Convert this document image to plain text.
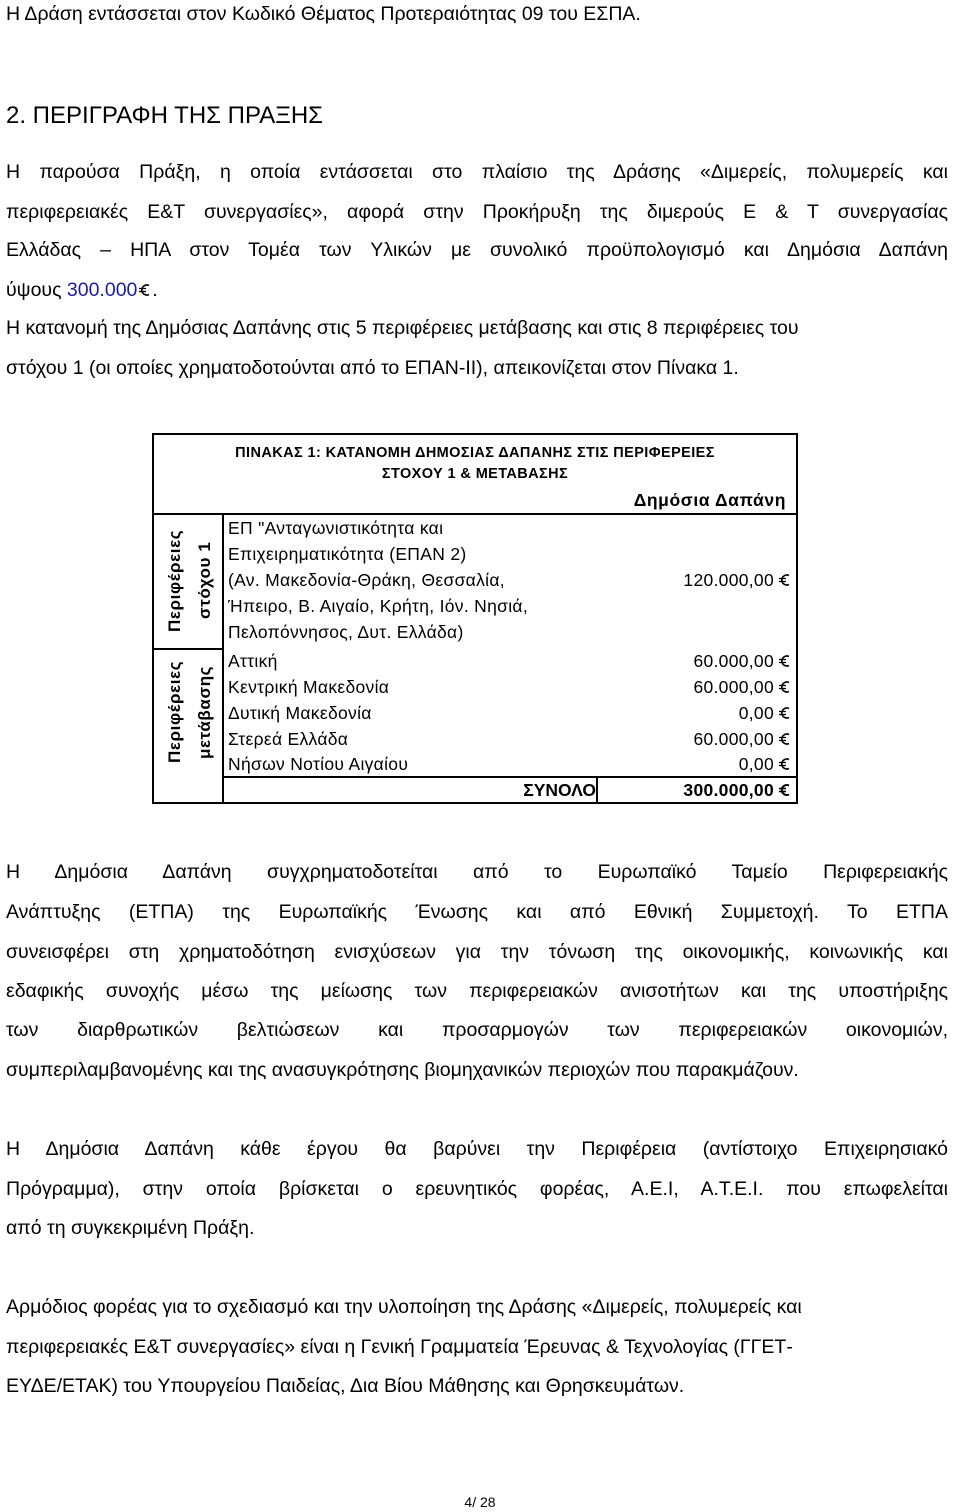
Η Δράση εντάσσεται στον Κωδικό Θέματος Προτεραιότητας 09 του ΕΣΠΑ.
2. ΠΕΡΙΓΡΑΦΗ ΤΗΣ ΠΡΑΞΗΣ
Η παρούσα Πράξη, η οποία εντάσσεται στο πλαίσιο της Δράσης «Διμερείς, πολυμερείς και
περιφερειακές Ε&Τ συνεργασίες», αφορά στην Προκήρυξη της διμερούς Ε & Τ συνεργασίας
Ελλάδας – ΗΠΑ στον Τομέα των Υλικών με συνολικό προϋπολογισμό και Δημόσια Δαπάνη
ύψους 300.000 .
Η κατανομή της Δημόσιας Δαπάνης στις 5 περιφέρειες μετάβασης και στις 8 περιφέρειες του
στόχου 1 (οι οποίες χρηματοδοτούνται από το ΕΠΑΝ-ΙΙ), απεικονίζεται στον Πίνακα 1.
ΠΙΝΑΚΑΣ 1: ΚΑΤΑΝΟΜΗ ΔΗΜΟΣΙΑΣ ΔΑΠΑΝΗΣ ΣΤΙΣ ΠΕΡΙΦΕΡΕΙΕΣ
ΣΤΟΧΟΥ 1 & ΜΕΤΑΒΑΣΗΣ
Δημόσια Δαπάνη
Περιφέρειες στόχου 1
Περιφέρειες μετάβασης
ΕΠ "Ανταγωνιστικότητα και
Επιχειρηματικότητα (ΕΠΑΝ 2)
(Αν. Μακεδονία-Θράκη, Θεσσαλία,
Ήπειρο, Β. Αιγαίο, Κρήτη, Ιόν. Νησιά,
Πελοπόννησος, Δυτ. Ελλάδα)
120.000,00
Αττική	60.000,00
Κεντρική Μακεδονία	60.000,00
Δυτική Μακεδονία	0,00
Στερεά Ελλάδα	60.000,00
Νήσων Νοτίου Αιγαίου	0,00
ΣΥΝΟΛΟ	300.000,00
Η Δημόσια Δαπάνη συγχρηματοδοτείται από το Ευρωπαϊκό Ταμείο Περιφερειακής
Ανάπτυξης (ΕΤΠΑ) της Ευρωπαϊκής Ένωσης και από Εθνική Συμμετοχή. Το ΕΤΠΑ
συνεισφέρει στη χρηματοδότηση ενισχύσεων για την τόνωση της οικονομικής, κοινωνικής και
εδαφικής συνοχής μέσω της μείωσης των περιφερειακών ανισοτήτων και της υποστήριξης
των διαρθρωτικών βελτιώσεων και προσαρμογών των περιφερειακών οικονομιών,
συμπεριλαμβανομένης και της ανασυγκρότησης βιομηχανικών περιοχών που παρακμάζουν.
Η Δημόσια Δαπάνη κάθε έργου θα βαρύνει την Περιφέρεια (αντίστοιχο Επιχειρησιακό
Πρόγραμμα), στην οποία βρίσκεται ο ερευνητικός φορέας, Α.Ε.Ι, Α.Τ.Ε.Ι. που επωφελείται
από τη συγκεκριμένη Πράξη.
Αρμόδιος φορέας για το σχεδιασμό και την υλοποίηση της Δράσης «Διμερείς, πολυμερείς και
περιφερειακές Ε&Τ συνεργασίες» είναι η Γενική Γραμματεία Έρευνας & Τεχνολογίας (ΓΓΕΤ-
ΕΥΔΕ/ΕΤΑΚ) του Υπουργείου Παιδείας, Δια Βίου Μάθησης και Θρησκευμάτων.
4/ 28
